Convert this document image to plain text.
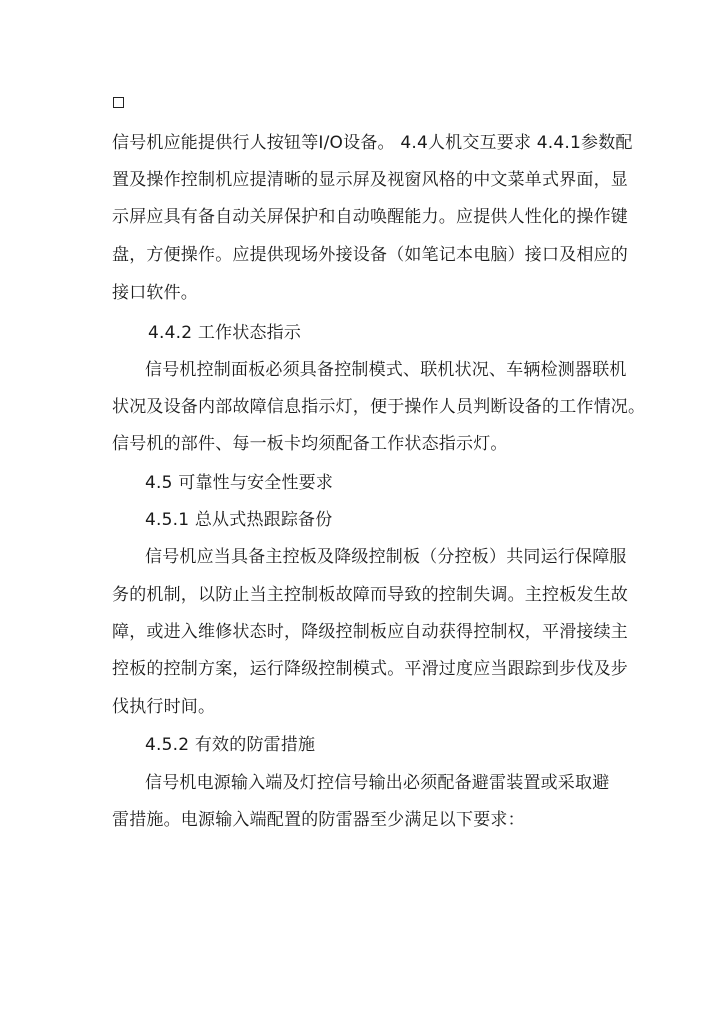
信号机应能提供行人按钮等I/O设备。 4.4人机交互要求 4.4.1参数配
置及操作控制机应提清晰的显示屏及视窗风格的中文菜单式界面，显
示屏应具有备自动关屏保护和自动唤醒能力。应提供人性化的操作键
盘，方便操作。应提供现场外接设备（如笔记本电脑）接口及相应的
接口软件。
4.4.2 工作状态指示
信号机控制面板必须具备控制模式、联机状况、车辆检测器联机
状况及设备内部故障信息指示灯，便于操作人员判断设备的工作情况。
信号机的部件、每一板卡均须配备工作状态指示灯。
4.5 可靠性与安全性要求
4.5.1 总从式热跟踪备份
信号机应当具备主控板及降级控制板（分控板）共同运行保障服
务的机制，以防止当主控制板故障而导致的控制失调。主控板发生故
障，或进入维修状态时，降级控制板应自动获得控制权，平滑接续主
控板的控制方案，运行降级控制模式。平滑过度应当跟踪到步伐及步
伐执行时间。
4.5.2 有效的防雷措施
信号机电源输入端及灯控信号输出必须配备避雷装置或采取避
雷措施。电源输入端配置的防雷器至少满足以下要求：
